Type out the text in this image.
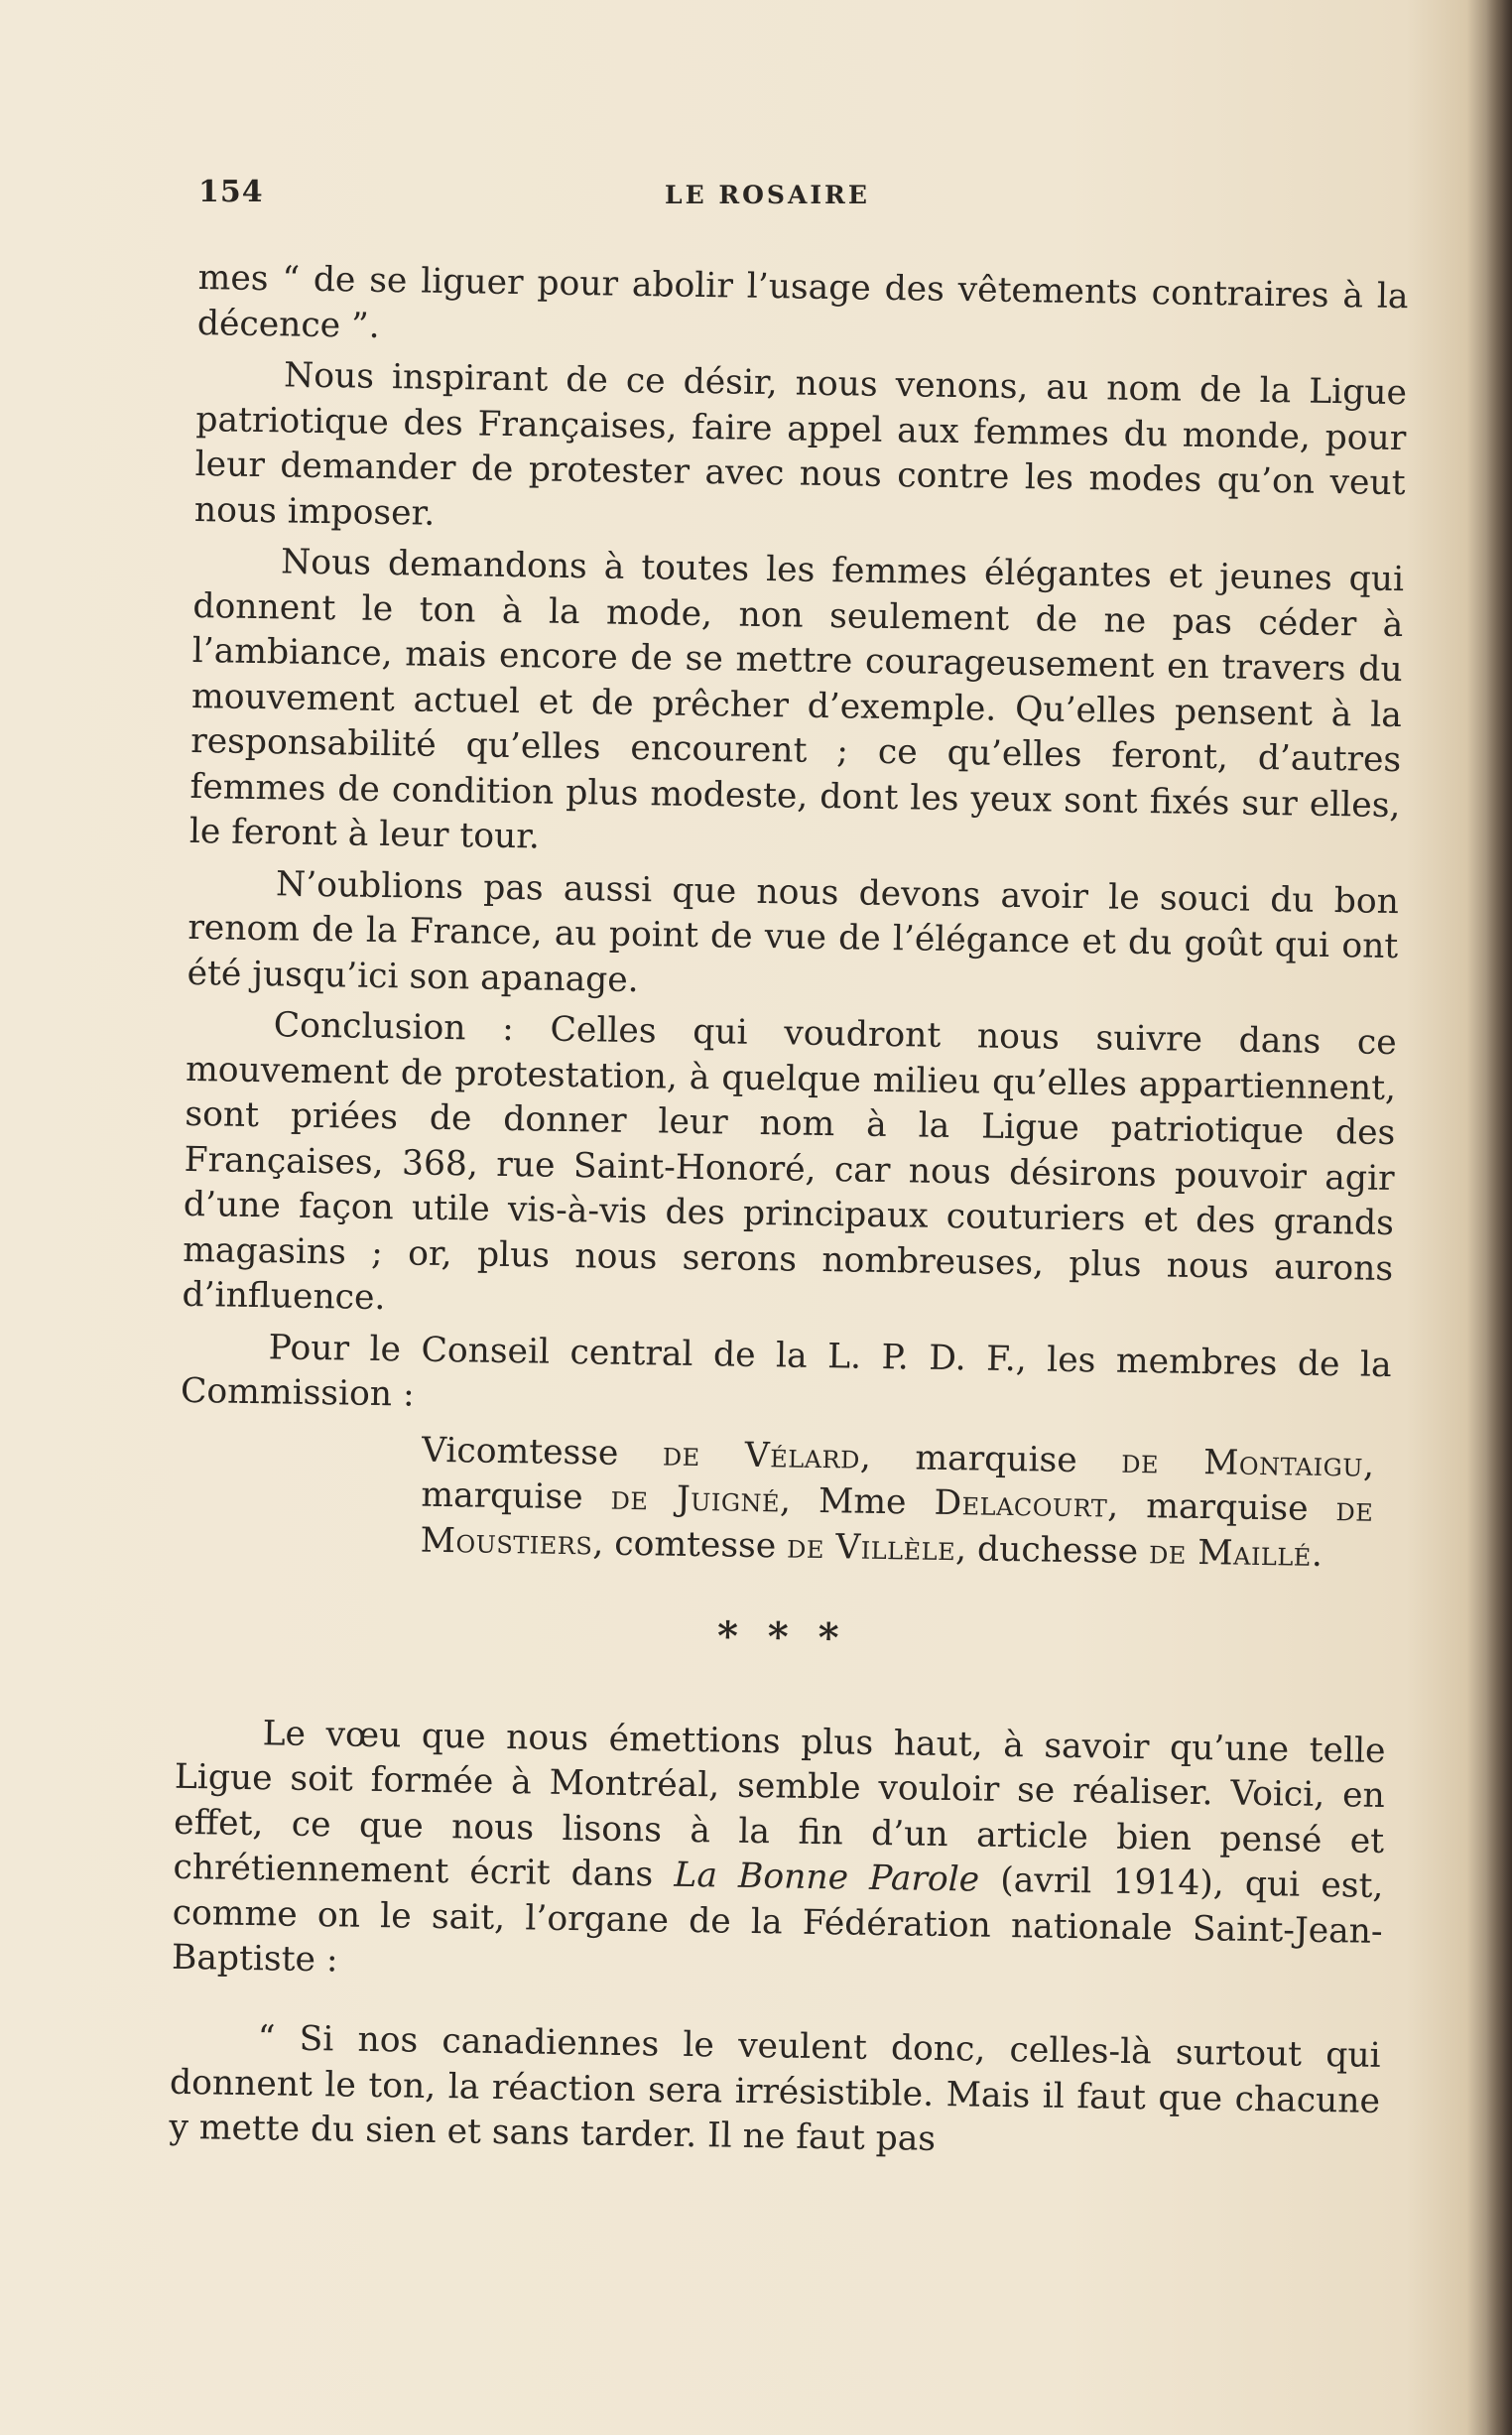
154	LE ROSAIRE

mes “ de se liguer pour abolir l’usage des vêtements contraires à la décence ”.

Nous inspirant de ce désir, nous venons, au nom de la Ligue patriotique des Françaises, faire appel aux femmes du monde, pour leur demander de protester avec nous contre les modes qu’on veut nous imposer.

Nous demandons à toutes les femmes élégantes et jeunes qui donnent le ton à la mode, non seulement de ne pas céder à l’ambiance, mais encore de se mettre courageusement en travers du mouvement actuel et de prêcher d’exemple. Qu’elles pensent à la responsabilité qu’elles encourent ; ce qu’elles feront, d’autres femmes de condition plus modeste, dont les yeux sont fixés sur elles, le feront à leur tour.

N’oublions pas aussi que nous devons avoir le souci du bon renom de la France, au point de vue de l’élégance et du goût qui ont été jusqu’ici son apanage.

Conclusion : Celles qui voudront nous suivre dans ce mouvement de protestation, à quelque milieu qu’elles appartiennent, sont priées de donner leur nom à la Ligue patriotique des Françaises, 368, rue Saint-Honoré, car nous désirons pouvoir agir d’une façon utile vis-à-vis des principaux couturiers et des grands magasins ; or, plus nous serons nombreuses, plus nous aurons d’influence.

Pour le Conseil central de la L. P. D. F., les membres de la Commission :

Vicomtesse de Vélard, marquise de Montaigu, marquise de Juigné, Mme Delacourt, marquise de Moustiers, comtesse de Villèle, duchesse de Maillé.

* * *

Le vœu que nous émettions plus haut, à savoir qu’une telle Ligue soit formée à Montréal, semble vouloir se réaliser. Voici, en effet, ce que nous lisons à la fin d’un article bien pensé et chrétiennement écrit dans La Bonne Parole (avril 1914), qui est, comme on le sait, l’organe de la Fédération nationale Saint-Jean-Baptiste :

“ Si nos canadiennes le veulent donc, celles-là surtout qui donnent le ton, la réaction sera irrésistible. Mais il faut que chacune y mette du sien et sans tarder. Il ne faut pas
